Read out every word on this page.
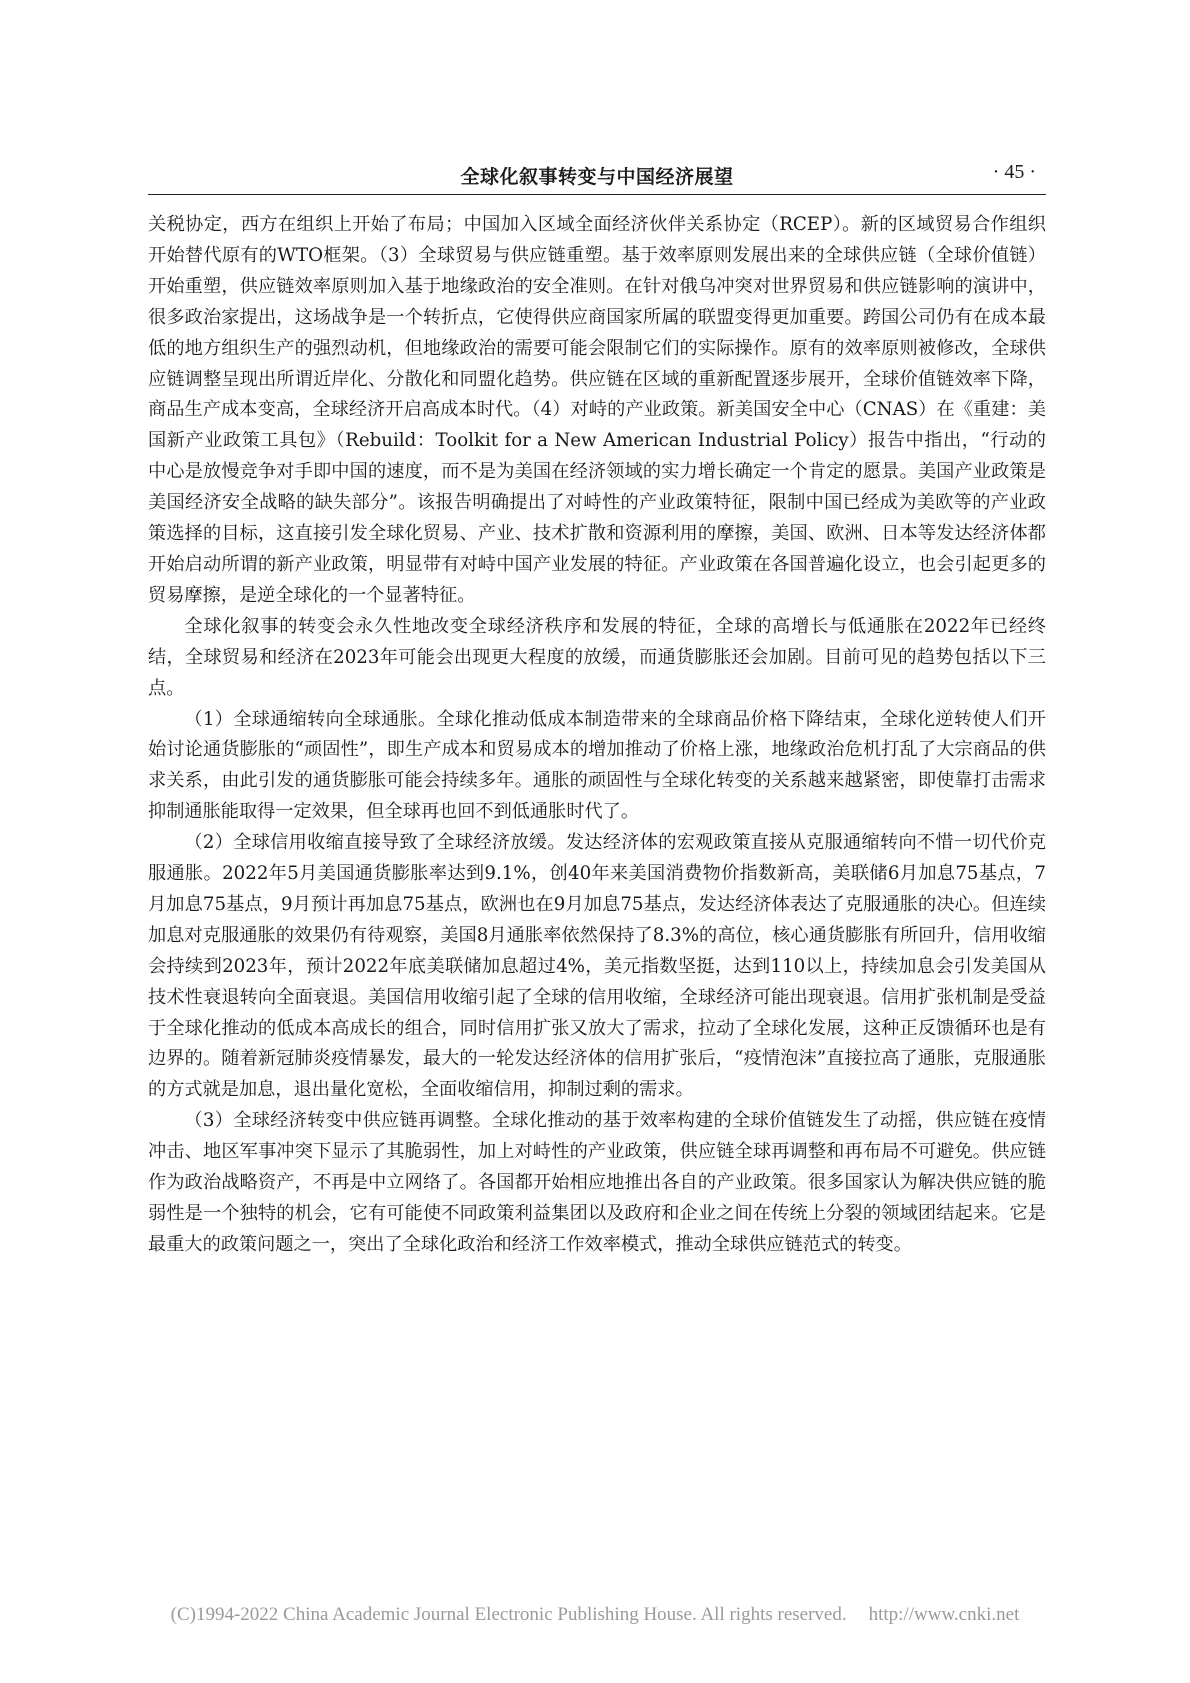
全球化叙事转变与中国经济展望	· 45 ·

关税协定，西方在组织上开始了布局；中国加入区域全面经济伙伴关系协定（RCEP）。新的区域贸易合作组织开始替代原有的WTO框架。（3）全球贸易与供应链重塑。基于效率原则发展出来的全球供应链（全球价值链）开始重塑，供应链效率原则加入基于地缘政治的安全准则。在针对俄乌冲突对世界贸易和供应链影响的演讲中，很多政治家提出，这场战争是一个转折点，它使得供应商国家所属的联盟变得更加重要。跨国公司仍有在成本最低的地方组织生产的强烈动机，但地缘政治的需要可能会限制它们的实际操作。原有的效率原则被修改，全球供应链调整呈现出所谓近岸化、分散化和同盟化趋势。供应链在区域的重新配置逐步展开，全球价值链效率下降，商品生产成本变高，全球经济开启高成本时代。（4）对峙的产业政策。新美国安全中心（CNAS）在《重建：美国新产业政策工具包》（Rebuild：Toolkit for a New American Industrial Policy）报告中指出，“行动的中心是放慢竞争对手即中国的速度，而不是为美国在经济领域的实力增长确定一个肯定的愿景。美国产业政策是美国经济安全战略的缺失部分”。该报告明确提出了对峙性的产业政策特征，限制中国已经成为美欧等的产业政策选择的目标，这直接引发全球化贸易、产业、技术扩散和资源利用的摩擦，美国、欧洲、日本等发达经济体都开始启动所谓的新产业政策，明显带有对峙中国产业发展的特征。产业政策在各国普遍化设立，也会引起更多的贸易摩擦，是逆全球化的一个显著特征。

全球化叙事的转变会永久性地改变全球经济秩序和发展的特征，全球的高增长与低通胀在2022年已经终结，全球贸易和经济在2023年可能会出现更大程度的放缓，而通货膨胀还会加剧。目前可见的趋势包括以下三点。

（1）全球通缩转向全球通胀。全球化推动低成本制造带来的全球商品价格下降结束，全球化逆转使人们开始讨论通货膨胀的“顽固性”，即生产成本和贸易成本的增加推动了价格上涨，地缘政治危机打乱了大宗商品的供求关系，由此引发的通货膨胀可能会持续多年。通胀的顽固性与全球化转变的关系越来越紧密，即使靠打击需求抑制通胀能取得一定效果，但全球再也回不到低通胀时代了。

（2）全球信用收缩直接导致了全球经济放缓。发达经济体的宏观政策直接从克服通缩转向不惜一切代价克服通胀。2022年5月美国通货膨胀率达到9.1%，创40年来美国消费物价指数新高，美联储6月加息75基点，7月加息75基点，9月预计再加息75基点，欧洲也在9月加息75基点，发达经济体表达了克服通胀的决心。但连续加息对克服通胀的效果仍有待观察，美国8月通胀率依然保持了8.3%的高位，核心通货膨胀有所回升，信用收缩会持续到2023年，预计2022年底美联储加息超过4%，美元指数坚挺，达到110以上，持续加息会引发美国从技术性衰退转向全面衰退。美国信用收缩引起了全球的信用收缩，全球经济可能出现衰退。信用扩张机制是受益于全球化推动的低成本高成长的组合，同时信用扩张又放大了需求，拉动了全球化发展，这种正反馈循环也是有边界的。随着新冠肺炎疫情暴发，最大的一轮发达经济体的信用扩张后，“疫情泡沫”直接拉高了通胀，克服通胀的方式就是加息，退出量化宽松，全面收缩信用，抑制过剩的需求。

（3）全球经济转变中供应链再调整。全球化推动的基于效率构建的全球价值链发生了动摇，供应链在疫情冲击、地区军事冲突下显示了其脆弱性，加上对峙性的产业政策，供应链全球再调整和再布局不可避免。供应链作为政治战略资产，不再是中立网络了。各国都开始相应地推出各自的产业政策。很多国家认为解决供应链的脆弱性是一个独特的机会，它有可能使不同政策利益集团以及政府和企业之间在传统上分裂的领域团结起来。它是最重大的政策问题之一，突出了全球化政治和经济工作效率模式，推动全球供应链范式的转变。

(C)1994-2022 China Academic Journal Electronic Publishing House. All rights reserved. http://www.cnki.net
